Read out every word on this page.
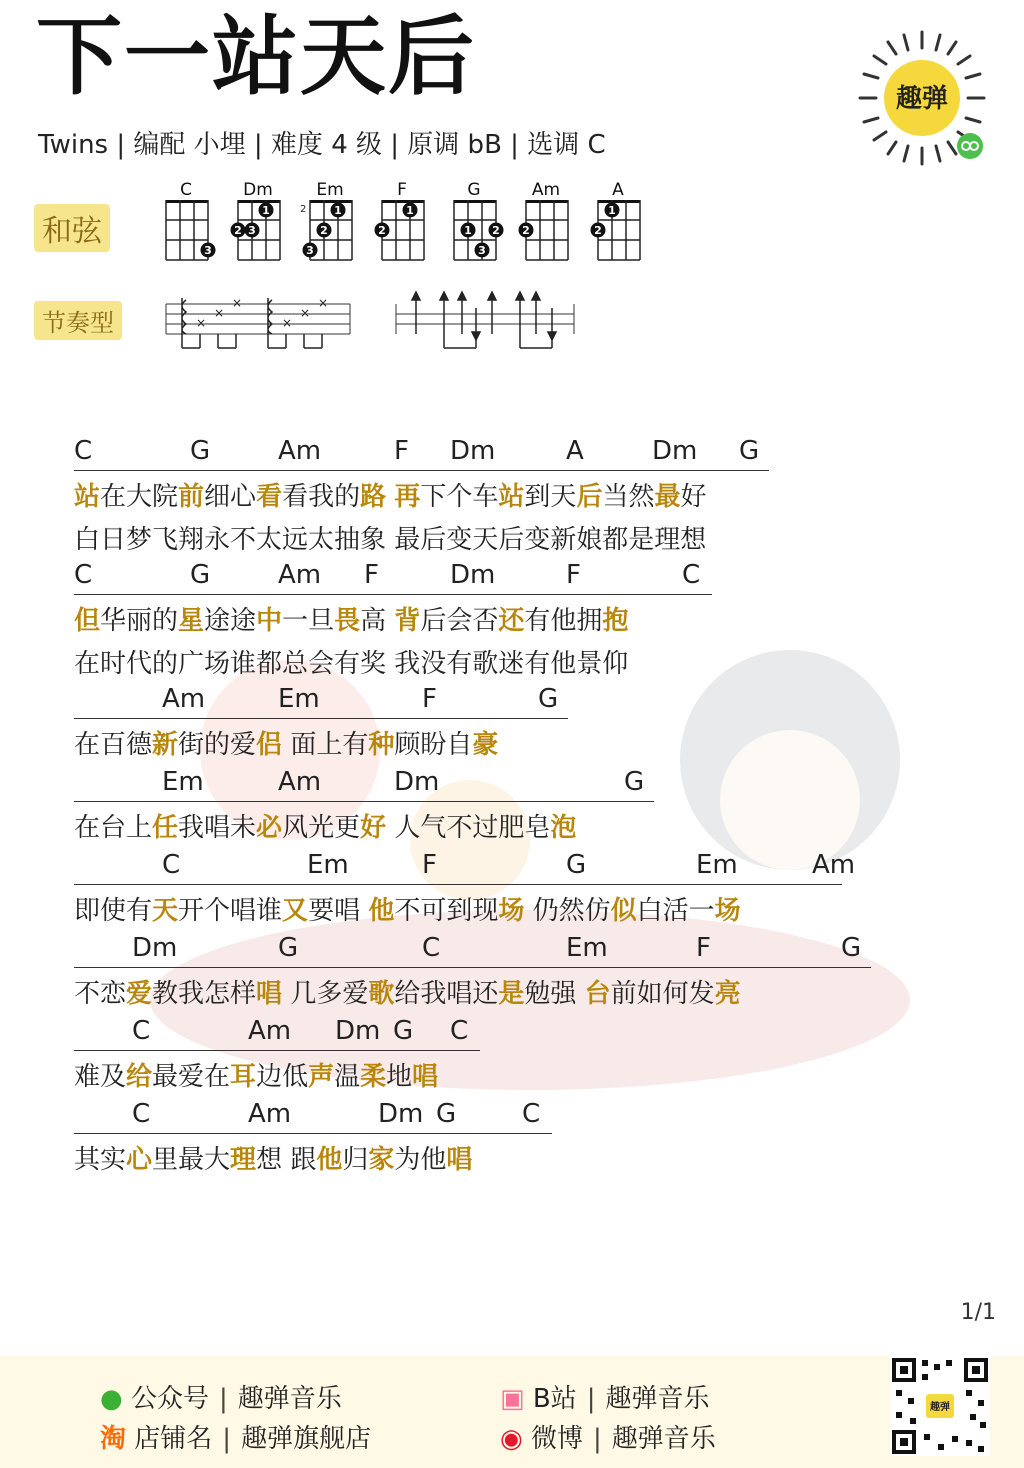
下一站天后
Twins | 编配 小埋 | 难度 4 级 | 原调 bB | 选调 C
趣弹
和弦
节奏型
C
3
Dm
2 3
1
Em
2
3
1
2
F
2
1
G
1 2
3
Am
2
A
2
1
×
×
×
×
×
×
C	G	Am	F Dm	A	Dm G
站在大院前细心看看我的路 再下个车站到天后当然最好
白日梦飞翔永不太远太抽象 最后变天后变新娘都是理想
C	G	Am F	Dm	F	C
但华丽的星途途中一旦畏高 背后会否还有他拥抱
在时代的广场谁都总会有奖 我没有歌迷有他景仰
Am	Em	F	G
在百德新街的爱侣 面上有种顾盼自豪
Em	Am	Dm	G
在台上任我唱未必风光更好 人气不过肥皂泡
C	Em	F	G	Em	Am
即使有天开个唱谁又要唱 他不可到现场 仍然仿似白活一场
Dm	G	C	Em	F	G
不恋爱教我怎样唱 几多爱歌给我唱还是勉强 台前如何发亮
C	Am Dm G C
难及给最爱在耳边低声温柔地唱
C	Am	Dm G	C
其实心里最大理想 跟他归家为他唱
1/1
● 公众号 | 趣弹音乐
淘 店铺名 | 趣弹旗舰店
▣ B站 | 趣弹音乐
◉ 微博 | 趣弹音乐
趣弹
